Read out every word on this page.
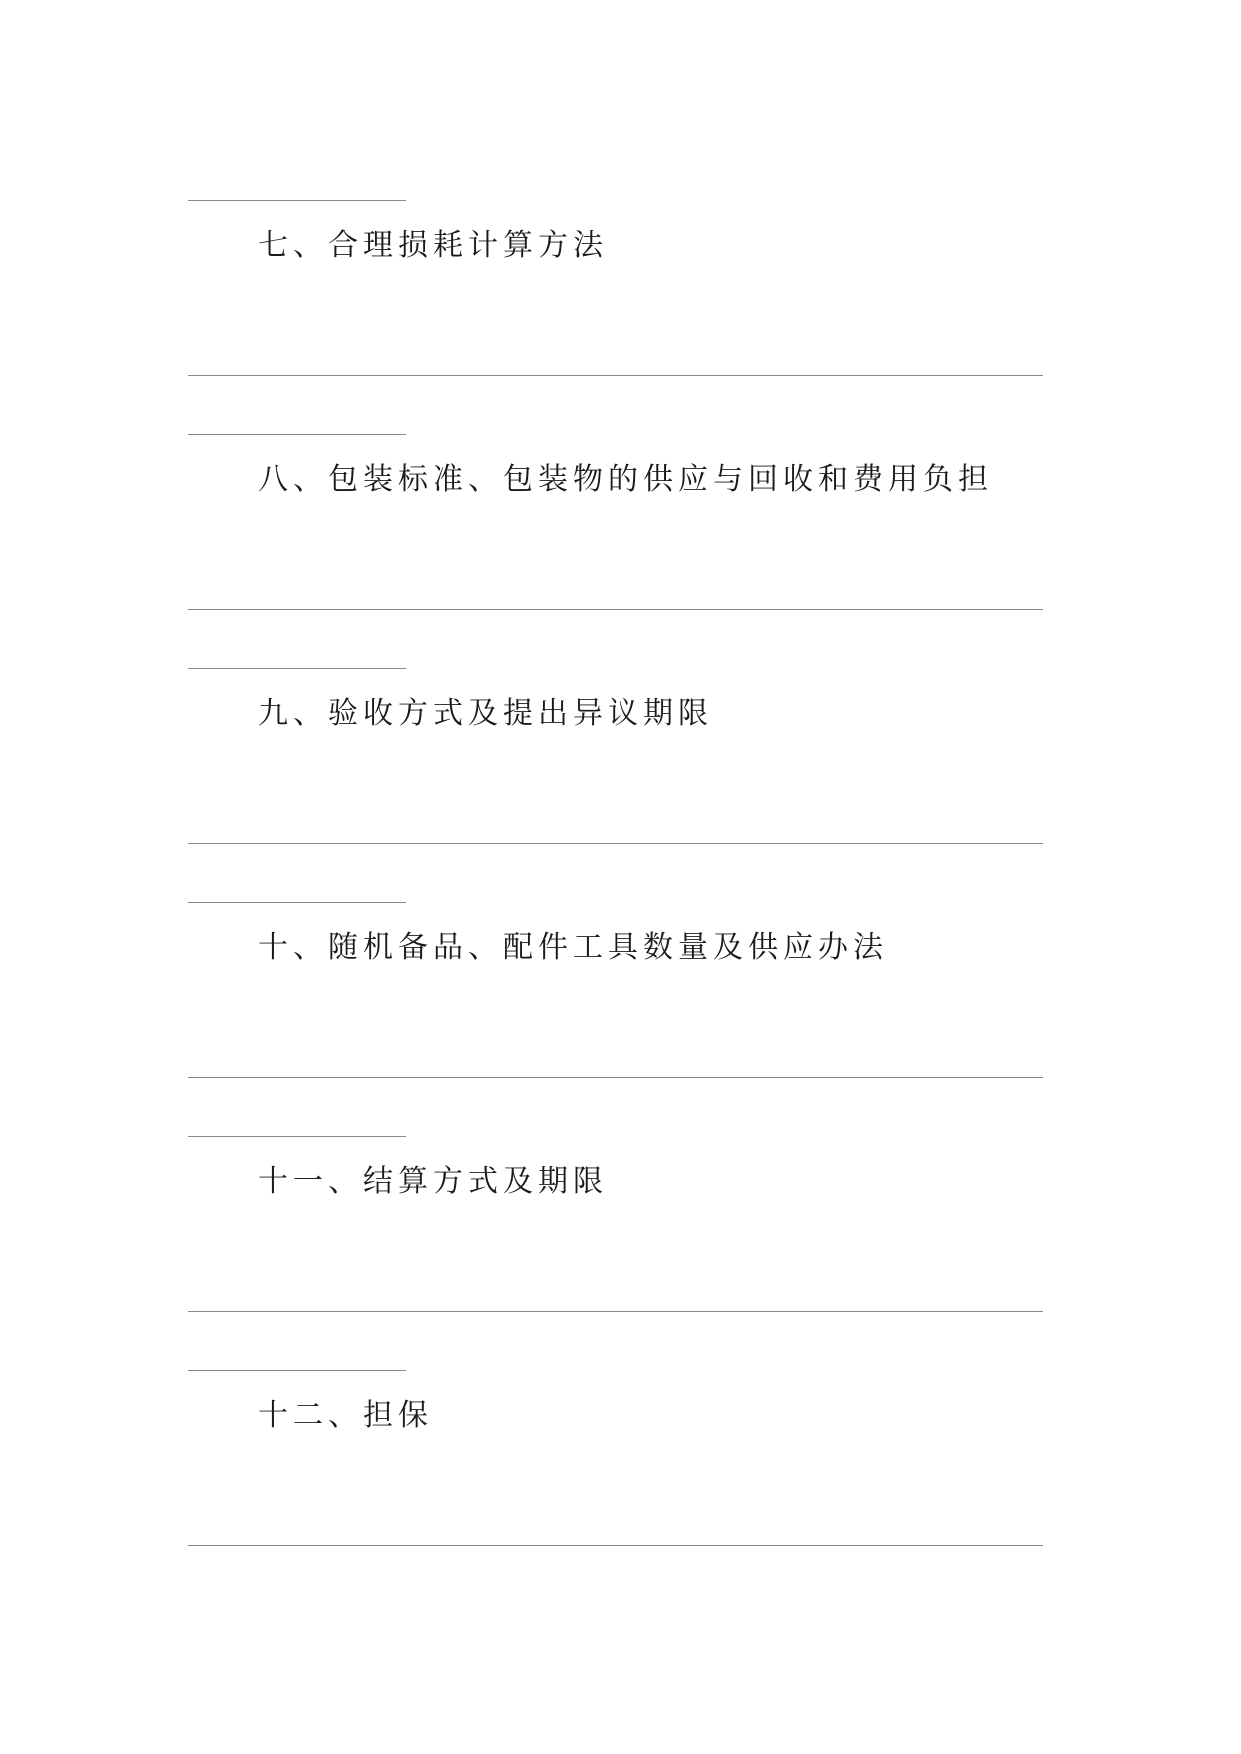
七、合理损耗计算方法
八、包装标准、包装物的供应与回收和费用负担
九、验收方式及提出异议期限
十、随机备品、配件工具数量及供应办法
十一、结算方式及期限
十二、担保
